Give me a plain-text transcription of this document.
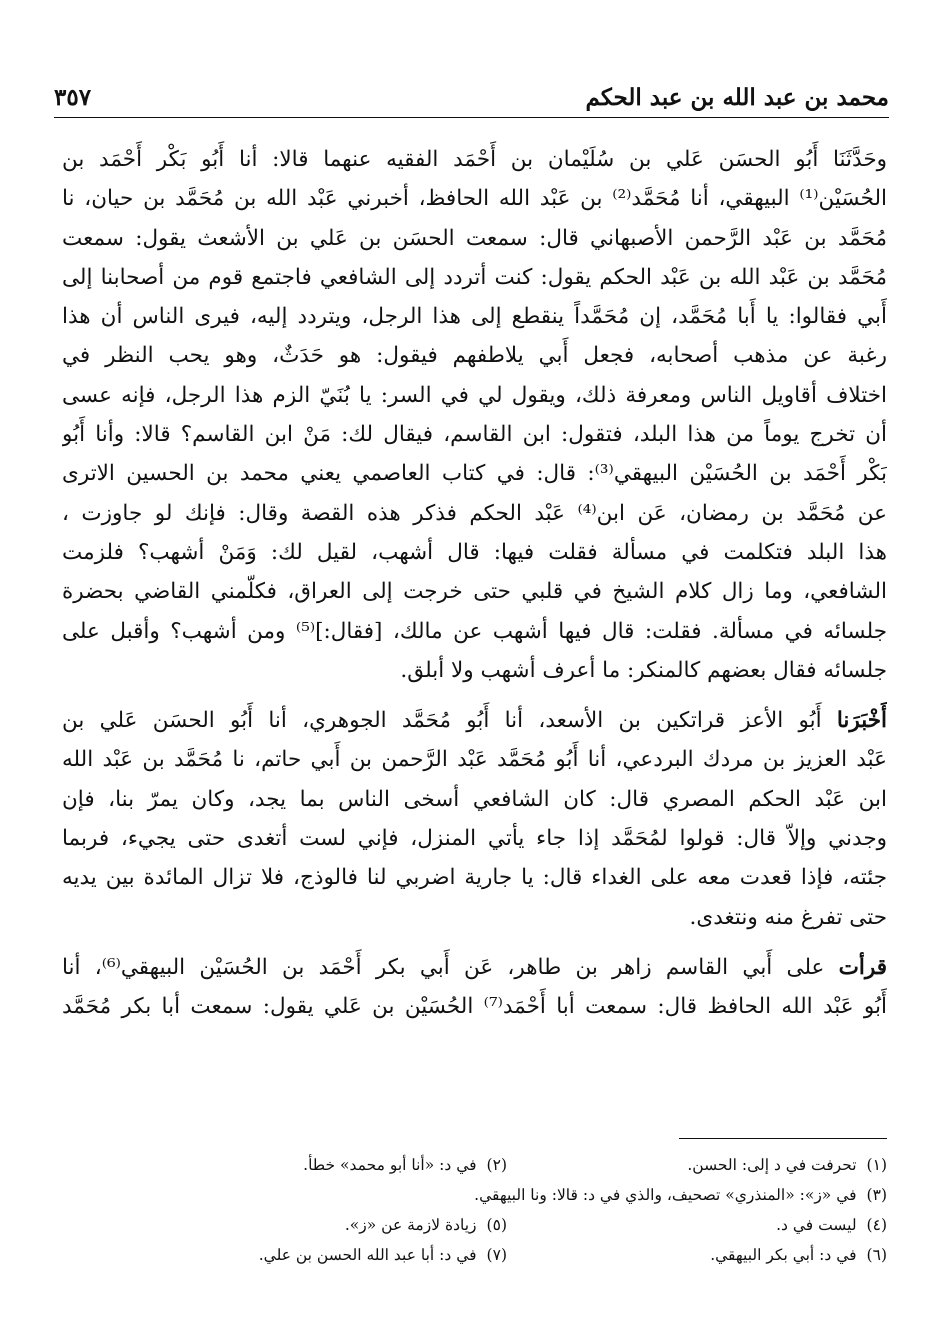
محمد بن عبد الله بن عبد الحكم
٣٥٧
وحَدَّثَنَا أَبُو الحسَن عَلي بن سُلَيْمان بن أَحْمَد الفقيه عنهما قالا: أنا أَبُو بَكْر أَحْمَد بن
الحُسَيْن⁽¹⁾ البيهقي، أنا مُحَمَّد⁽²⁾ بن عَبْد الله الحافظ، أخبرني عَبْد الله بن مُحَمَّد بن حيان، نا
مُحَمَّد بن عَبْد الرَّحمن الأصبهاني قال: سمعت الحسَن بن عَلي بن الأشعث يقول: سمعت
مُحَمَّد بن عَبْد الله بن عَبْد الحكم يقول: كنت أتردد إلى الشافعي فاجتمع قوم من أصحابنا إلى
أَبي فقالوا: يا أَبا مُحَمَّد، إن مُحَمَّداً ينقطع إلى هذا الرجل، ويتردد إليه، فيرى الناس أن هذا
رغبة عن مذهب أصحابه، فجعل أَبي يلاطفهم فيقول: هو حَدَثٌ، وهو يحب النظر في
اختلاف أقاويل الناس ومعرفة ذلك، ويقول لي في السر: يا بُنَيّ الزم هذا الرجل، فإنه عسى
أن تخرج يوماً من هذا البلد، فتقول: ابن القاسم، فيقال لك: مَنْ ابن القاسم؟ قالا: وأنا أَبُو
بَكْر أَحْمَد بن الحُسَيْن البيهقي⁽³⁾: قال: في كتاب العاصمي يعني محمد بن الحسين الاترى
عن مُحَمَّد بن رمضان، عَن ابن⁽⁴⁾ عَبْد الحكم فذكر هذه القصة وقال: فإنك لو جاوزت ،
هذا البلد فتكلمت في مسألة فقلت فيها: قال أشهب، لقيل لك: وَمَنْ أشهب؟ فلزمت
الشافعي، وما زال كلام الشيخ في قلبي حتى خرجت إلى العراق، فكلّمني القاضي بحضرة
جلسائه في مسألة. فقلت: قال فيها أشهب عن مالك، [فقال:]⁽⁵⁾ ومن أشهب؟ وأقبل على
جلسائه فقال بعضهم كالمنكر: ما أعرف أشهب ولا أبلق.
أَخْبَرَنا أَبُو الأعز قراتكين بن الأسعد، أنا أَبُو مُحَمَّد الجوهري، أنا أَبُو الحسَن عَلي بن
عَبْد العزيز بن مردك البردعي، أنا أَبُو مُحَمَّد عَبْد الرَّحمن بن أَبي حاتم، نا مُحَمَّد بن عَبْد الله
ابن عَبْد الحكم المصري قال: كان الشافعي أسخى الناس بما يجد، وكان يمرّ بنا، فإن
وجدني وإلاّ قال: قولوا لمُحَمَّد إذا جاء يأتي المنزل، فإني لست أتغدى حتى يجيء، فربما
جئته، فإذا قعدت معه على الغداء قال: يا جارية اضربي لنا فالوذج، فلا تزال المائدة بين يديه
حتى تفرغ منه ونتغدى.
قرأت على أَبي القاسم زاهر بن طاهر، عَن أَبي بكر أَحْمَد بن الحُسَيْن البيهقي⁽⁶⁾، أنا
أَبُو عَبْد الله الحافظ قال: سمعت أبا أَحْمَد⁽⁷⁾ الحُسَيْن بن عَلي يقول: سمعت أبا بكر مُحَمَّد
(١)تحرفت في د إلى: الحسن.
(٢)في د: «أنا أبو محمد» خطأ.
(٣)في «ز»: «المنذري» تصحيف، والذي في د: قالا: ونا البيهقي.
(٤)ليست في د.
(٥)زيادة لازمة عن «ز».
(٦)في د: أبي بكر البيهقي.
(٧)في د: أبا عبد الله الحسن بن علي.
